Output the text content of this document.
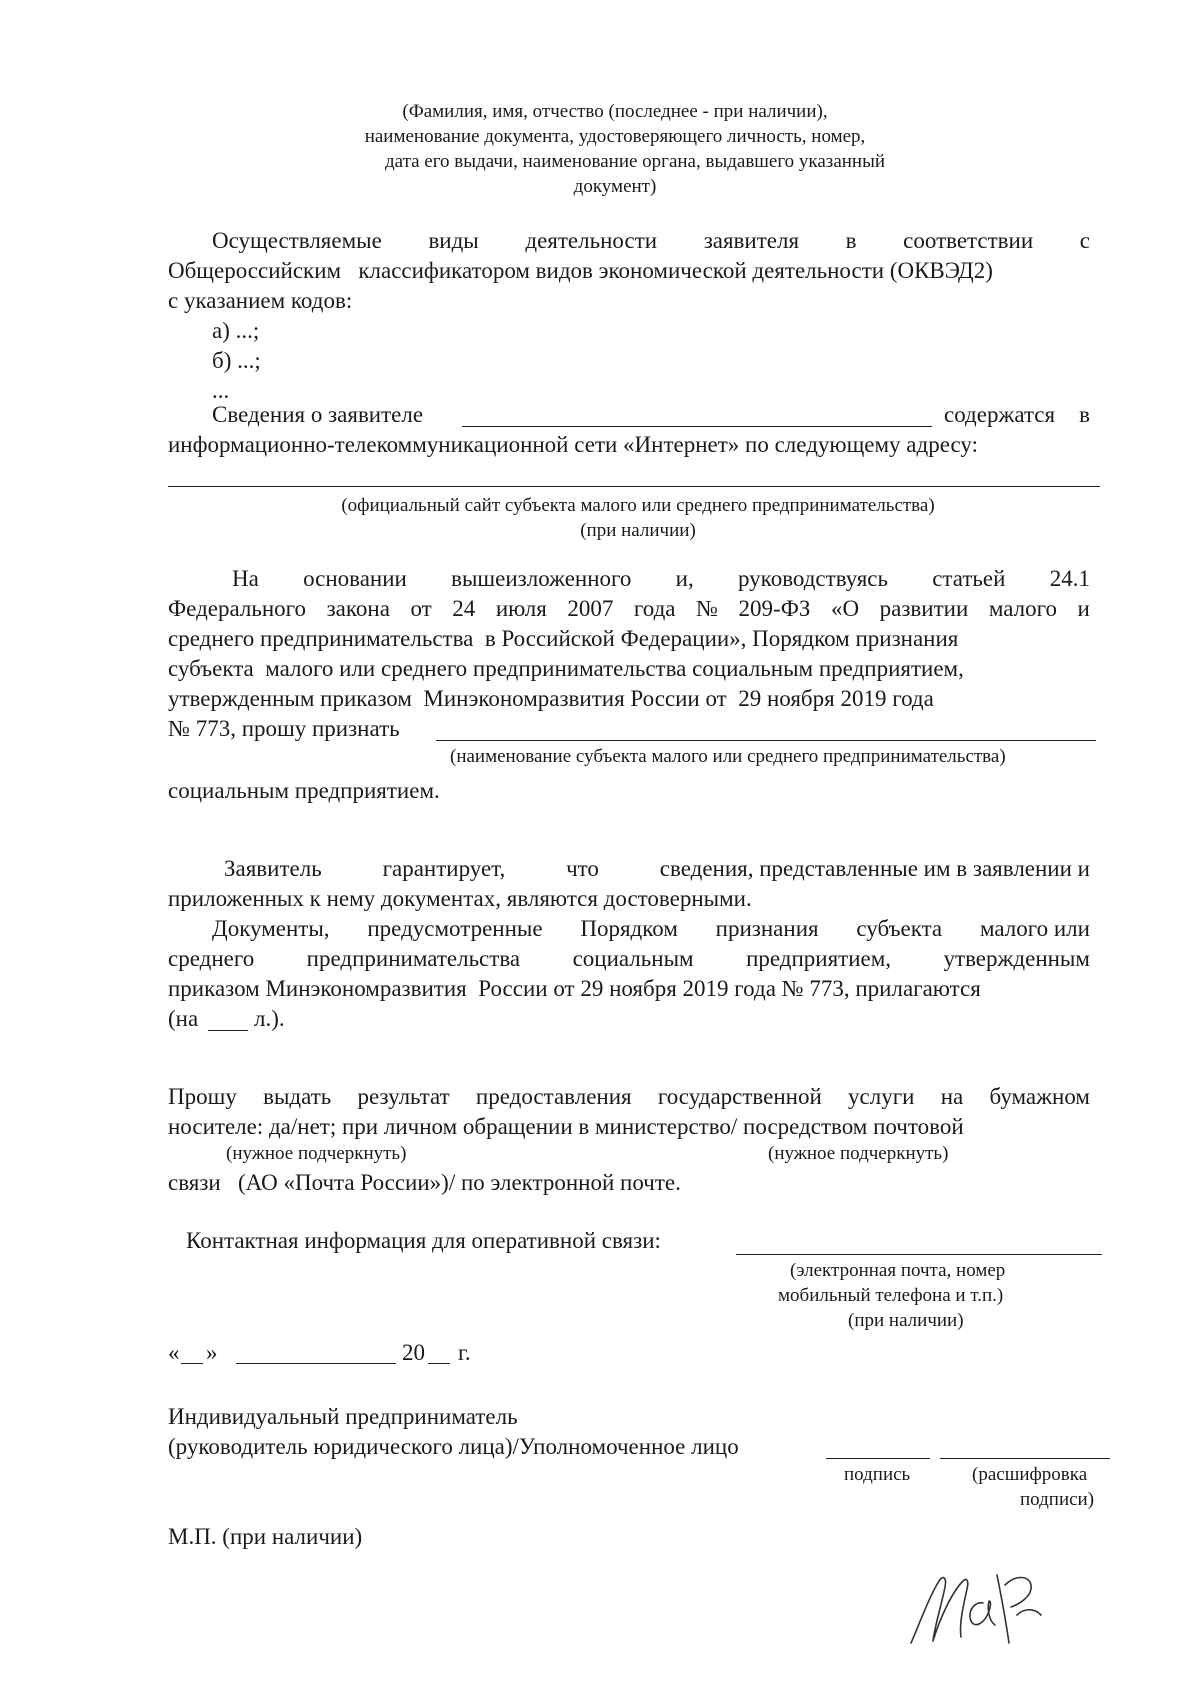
(Фамилия, имя, отчество (последнее - при наличии),
наименование документа, удостоверяющего личность, номер,
дата его выдачи, наименование органа, выдавшего указанный
документ)
Осуществляемые виды деятельности заявителя в соответствии с
Общероссийским   классификатором видов экономической деятельности (ОКВЭД2)
с указанием кодов:
а) ...;
б) ...;
...
Сведения о заявителе	содержатся в
информационно-телекоммуникационной сети «Интернет» по следующему адресу:
(официальный сайт субъекта малого или среднего предпринимательства)
(при наличии)
На основании вышеизложенного и, руководствуясь статьей 24.1
Федерального закона от 24 июля 2007 года № 209-ФЗ «О развитии малого и
среднего предпринимательства  в Российской Федерации», Порядком признания
субъекта  малого или среднего предпринимательства социальным предприятием,
утвержденным приказом  Минэкономразвития России от  29 ноября 2019 года
№ 773, прошу признать
(наименование субъекта малого или среднего предпринимательства)
социальным предприятием.
Заявитель	гарантирует,	что	сведения, представленные им в заявлении и
приложенных к нему документах, являются достоверными.
Документы, предусмотренные Порядком признания субъекта малого или
среднего предпринимательства социальным предприятием, утвержденным
приказом Минэкономразвития  России от 29 ноября 2019 года № 773, прилагаются
(на л.).
Прошу выдать результат предоставления государственной услуги на бумажном
носителе: да/нет; при личном обращении в министерство/ посредством почтовой
(нужное подчеркнуть)	(нужное подчеркнуть)
связи   (АО «Почта России»)/ по электронной почте.
Контактная информация для оперативной связи:
(электронная почта, номер
мобильный телефона и т.п.)
(при наличии)
« »	20 г.
Индивидуальный предприниматель
(руководитель юридического лица)/Уполномоченное лицо
подпись	(расшифровка
подписи)
М.П. (при наличии)
